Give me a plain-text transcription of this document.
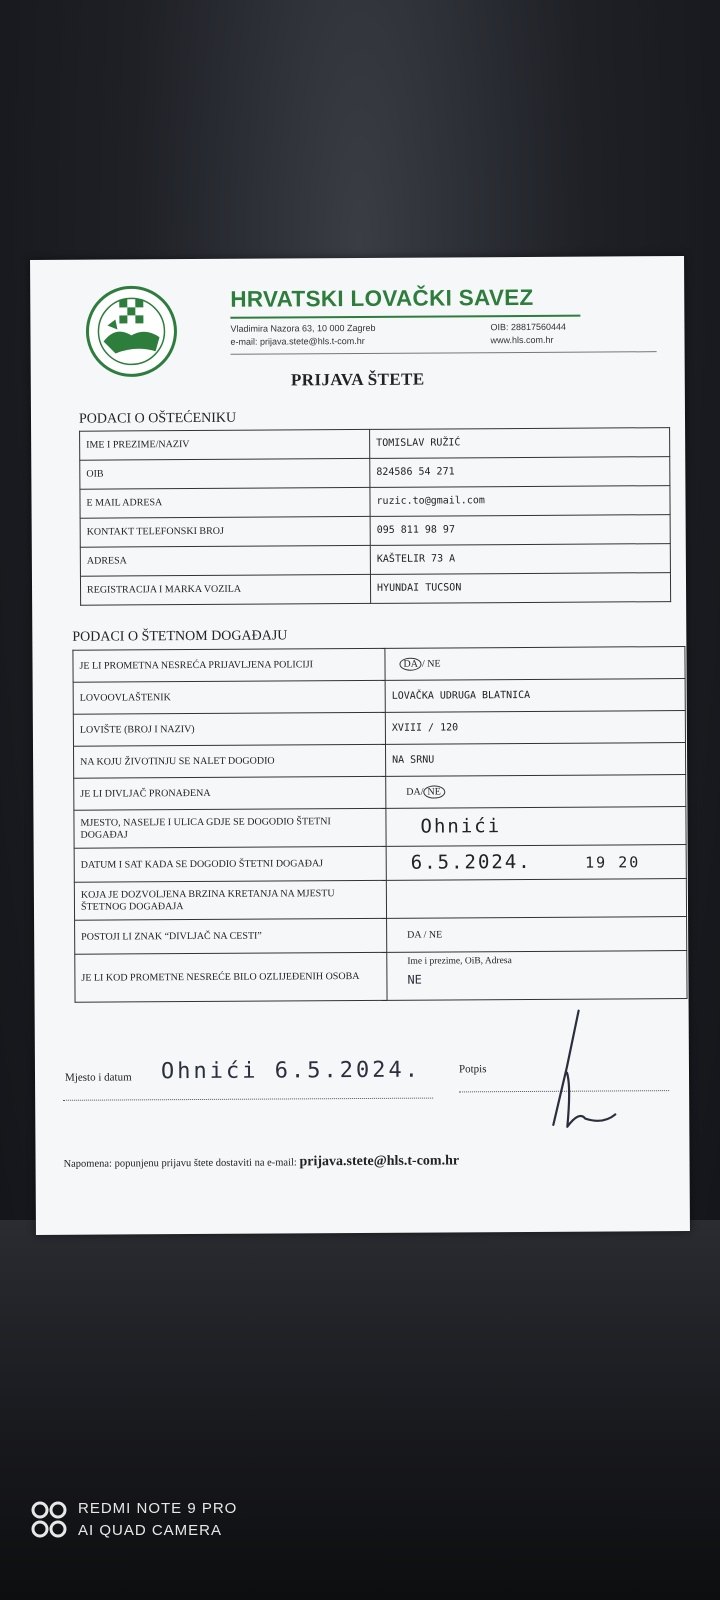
HRVATSKI LOVAČKI SAVEZ
Vladimira Nazora 63, 10 000 Zagreb
e-mail: prijava.stete@hls.t-com.hr
OIB: 28817560444
www.hls.com.hr
PRIJAVA ŠTETE
PODACI O OŠTEĆENIKU
IME I PREZIME/NAZIV	TOMISLAV RUŽIĆ
OIB	824586 54 271
E MAIL ADRESA	ruzic.to@gmail.com
KONTAKT TELEFONSKI BROJ	095 811 98 97
ADRESA	KAŠTELIR 73 A
REGISTRACIJA I MARKA VOZILA	HYUNDAI TUCSON
PODACI O ŠTETNOM DOGAĐAJU
JE LI PROMETNA NESREĆA PRIJAVLJENA POLICIJI	DA / NE
LOVOOVLAŠTENIK	LOVAČKA UDRUGA BLATNICA
LOVIŠTE (BROJ I NAZIV)	XVIII / 120
NA KOJU ŽIVOTINJU SE NALET DOGODIO	NA SRNU
JE LI DIVLJAČ PRONAĐENA	DA/ NE
MJESTO, NASELJE I ULICA GDJE SE DOGODIO ŠTETNI DOGAĐAJ	Ohnići
DATUM I SAT KADA SE DOGODIO ŠTETNI DOGAĐAJ	6.5.2024. 19 20
KOJA JE DOZVOLJENA BRZINA KRETANJA NA MJESTU ŠTETNOG DOGAĐAJA	
POSTOJI LI ZNAK “DIVLJAČ NA CESTI”	DA / NE
JE LI KOD PROMETNE NESREĆE BILO OZLIJEĐENIH OSOBA	Ime i prezime, OiB, Adresa
NE
Mjesto i datum Ohnići 6.5.2024.	Potpis
Napomena: popunjenu prijavu štete dostaviti na e-mail: prijava.stete@hls.t-com.hr
REDMI NOTE 9 PRO
AI QUAD CAMERA
